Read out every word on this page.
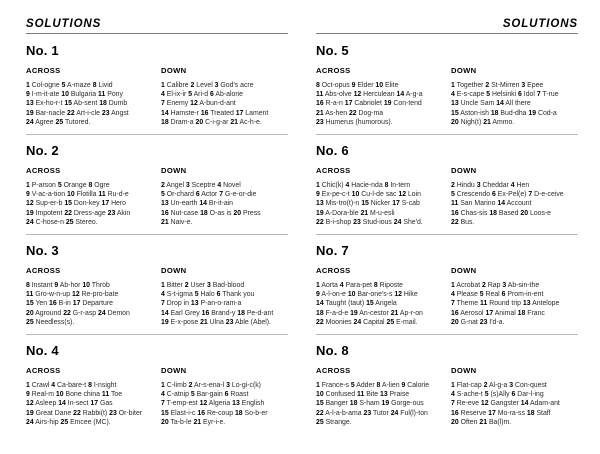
SOLUTIONS
No. 1
ACROSS
1 Col-ogne 5 A-maze 8 Livid
9 I-m-it-ate 10 Bulgaria 11 Pony
13 Ex-ho-r-t 15 Ab-sent 18 Dumb
19 Bar-nacle 22 Art-i-cle 23 Angst
24 Agree 25 Tutored.
DOWN
1 Calibre 2 Level 3 God's acre
4 El-ix-ir 5 Ari-d 6 Ab-alone
7 Enemy 12 A-bun-d-ant
14 Hamste-r 16 Treated 17 Lament
18 Dram-a 20 C-i-g-ar 21 Ac-h-e.
No. 2
ACROSS
1 P-arson 5 Orange 8 Ogre
9 V-ac-a-tion 10 Flotilla 11 Ru-d-e
12 Sup-er-b 15 Don-key 17 Hero
19 Impotent 22 Dress-age 23 Akin
24 C-hose-n 25 Stereo.
DOWN
2 Angel 3 Sceptre 4 Novel
5 Or-chard 6 Actor 7 G-e-or-die
13 Un-earth 14 Br-it-ain
16 Nut-case 18 O-as is 20 Press
21 Naiv-e.
No. 3
ACROSS
8 Instant 9 Ab-hor 10 Throb
11 Gro-w-n-up 12 Re-pro-bate
15 Yen 16 B-in 17 Departure
20 Aground 22 G-r-asp 24 Demon
25 Needless(s).
DOWN
1 Bitter 2 User 3 Bad-blood
4 S-t-igma 5 Halo 6 Thank you
7 Drop in 13 P-an-o-ram-a
14 Earl Grey 16 Brand-y 18 Pe-d-ant
19 E-x-pose 21 Ulna 23 Able (Abel).
No. 4
ACROSS
1 Crawl 4 Ca-bare-t 8 I-nsight
9 Real-m 10 Bone china 11 Toe
12 Asleep 14 In-sect 17 Gas
19 Great Dane 22 Rabbi(t) 23 Or-biter
24 Airs-hip 25 Emcee (MC).
DOWN
1 C-limb 2 Ar-s-ena-l 3 Lo-gi-c(k)
4 C-atnip 5 Bar-gain 6 Roast
7 T-emp-est 12 Algeria 13 English
15 Elast-i-c 16 Re-coup 18 So-b-er
20 Ta-b-le 21 Eyr-i-e.
SOLUTIONS
No. 5
ACROSS
8 Oct-opus 9 Elder 10 Elite
11 Abs-olve 12 Herculean 14 A-g-a
16 R-a-n 17 Cabriolet 19 Con-tend
21 As-hen 22 Dog-ma
23 Humerus (humorous).
DOWN
1 Together 2 St-Mirren 3 Epee
4 E-s-cape 5 Helsinki 6 Idol 7 T-rue
13 Uncle Sam 14 All there
15 Aston-ish 18 Bud-dha 19 Cod-a
20 Nigh(t) 21 Ammo.
No. 6
ACROSS
1 Chic(k) 4 Hacie-nda 8 In-tern
9 Ex-pe-c-t 10 Cu-l-de sac 12 Loin
13 Mis-tro(t)-n 15 Nicker 17 S-cab
19 A-Dora-ble 21 M-u-esli
22 B-i-shop 23 Stud-ious 24 She'd.
DOWN
2 Hindu 3 Cheddar 4 Hen
5 Crescendo 6 Ex-Pel(e) 7 D-e-ceive
11 San Marino 14 Account
16 Chas-sis 18 Based 20 Loos-e
22 Bus.
No. 7
ACROSS
1 Aorta 4 Para-pet 8 Riposte
9 A-l-on-e 10 Bar-one's-s 12 Hike
14 Taught (taut) 15 Angela
18 F-a-d-e 19 An-cestor 21 Ap-r-on
22 Moonies 24 Capital 25 E-mail.
DOWN
1 Acrobat 2 Rap 3 Ab-sin-the
4 Please 5 Real 6 Prom-in-ent
7 Theme 11 Round trip 13 Antelope
16 Aerosol 17 Animal 18 Franc
20 G-nat 23 I'd-a.
No. 8
ACROSS
1 France-s 5 Adder 8 A-lien 9 Calorie
10 Confused 11 Bite 13 Praise
15 Banger 18 S-ham 19 Gorge-ous
22 A-l-a-b-ama 23 Tutor 24 Ful(l)-ton
25 Strange.
DOWN
1 Flat-cap 2 Al-g-a 3 Con-quest
4 S-ache-t 5 (s)Ally 6 Dar-l-ing
7 Re-eve 12 Gangster 14 Adam-ant
16 Reserve 17 Mo-ra-ss 18 Staff
20 Often 21 Ba(l)m.
